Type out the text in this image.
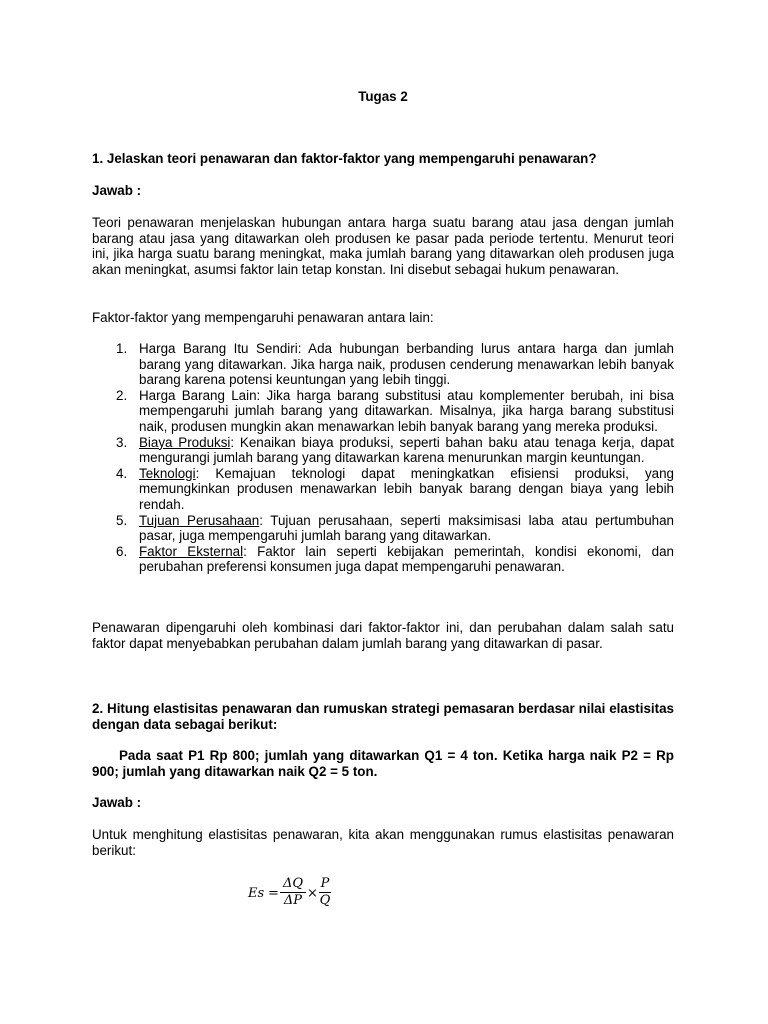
Tugas 2
1. Jelaskan teori penawaran dan faktor-faktor yang mempengaruhi penawaran?
Jawab :
Teori penawaran menjelaskan hubungan antara harga suatu barang atau jasa dengan jumlah barang atau jasa yang ditawarkan oleh produsen ke pasar pada periode tertentu. Menurut teori ini, jika harga suatu barang meningkat, maka jumlah barang yang ditawarkan oleh produsen juga akan meningkat, asumsi faktor lain tetap konstan. Ini disebut sebagai hukum penawaran.
Faktor-faktor yang mempengaruhi penawaran antara lain:
1. Harga Barang Itu Sendiri: Ada hubungan berbanding lurus antara harga dan jumlah barang yang ditawarkan. Jika harga naik, produsen cenderung menawarkan lebih banyak barang karena potensi keuntungan yang lebih tinggi.
2. Harga Barang Lain: Jika harga barang substitusi atau komplementer berubah, ini bisa mempengaruhi jumlah barang yang ditawarkan. Misalnya, jika harga barang substitusi naik, produsen mungkin akan menawarkan lebih banyak barang yang mereka produksi.
3. Biaya Produksi: Kenaikan biaya produksi, seperti bahan baku atau tenaga kerja, dapat mengurangi jumlah barang yang ditawarkan karena menurunkan margin keuntungan.
4. Teknologi: Kemajuan teknologi dapat meningkatkan efisiensi produksi, yang memungkinkan produsen menawarkan lebih banyak barang dengan biaya yang lebih rendah.
5. Tujuan Perusahaan: Tujuan perusahaan, seperti maksimisasi laba atau pertumbuhan pasar, juga mempengaruhi jumlah barang yang ditawarkan.
6. Faktor Eksternal: Faktor lain seperti kebijakan pemerintah, kondisi ekonomi, dan perubahan preferensi konsumen juga dapat mempengaruhi penawaran.
Penawaran dipengaruhi oleh kombinasi dari faktor-faktor ini, dan perubahan dalam salah satu faktor dapat menyebabkan perubahan dalam jumlah barang yang ditawarkan di pasar.
2. Hitung elastisitas penawaran dan rumuskan strategi pemasaran berdasar nilai elastisitas dengan data sebagai berikut:
Pada saat P1 Rp 800; jumlah yang ditawarkan Q1 = 4 ton. Ketika harga naik P2 = Rp 900; jumlah yang ditawarkan naik Q2 = 5 ton.
Jawab :
Untuk menghitung elastisitas penawaran, kita akan menggunakan rumus elastisitas penawaran berikut:
Es =
ΔQ
ΔP ×
P
Q
